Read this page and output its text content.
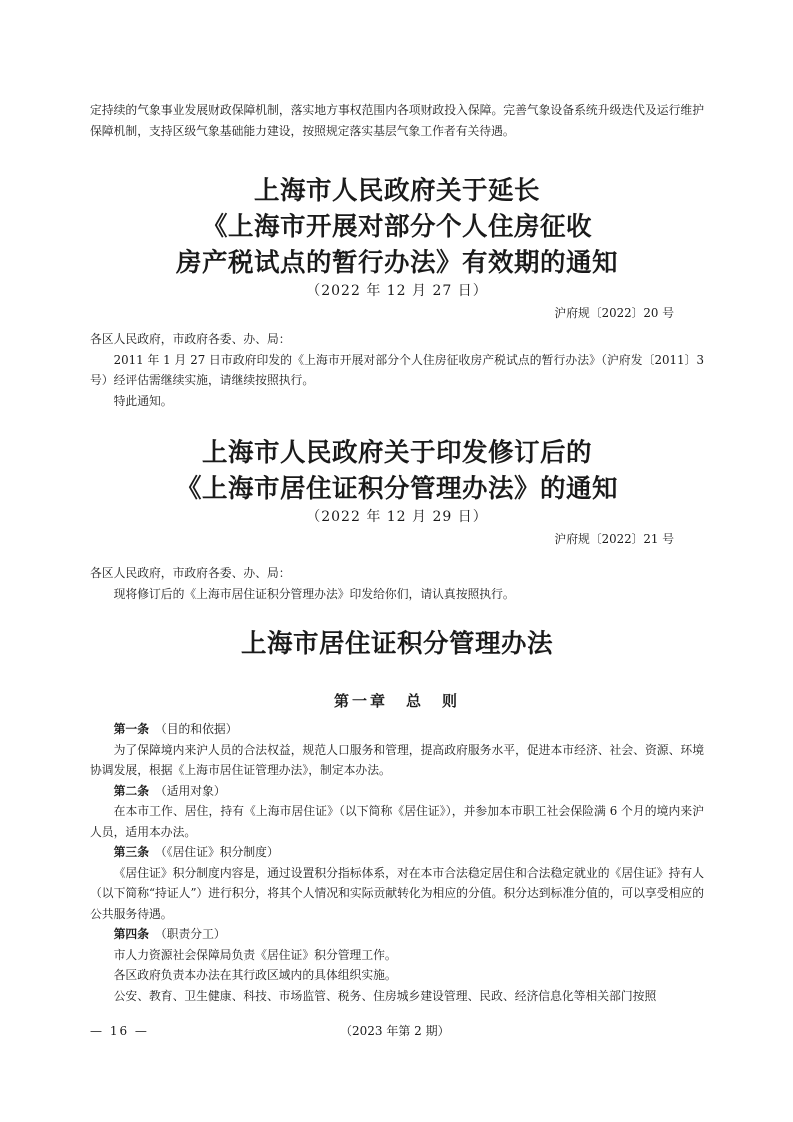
定持续的气象事业发展财政保障机制，落实地方事权范围内各项财政投入保障。完善气象设备系统升级迭代及运行维护保障机制，支持区级气象基础能力建设，按照规定落实基层气象工作者有关待遇。

上海市人民政府关于延长

《上海市开展对部分个人住房征收

房产税试点的暂行办法》有效期的通知

（2022 年 12 月 27 日）

沪府规〔2022〕20 号

各区人民政府，市政府各委、办、局：

2011 年 1 月 27 日市政府印发的《上海市开展对部分个人住房征收房产税试点的暂行办法》（沪府发〔2011〕3 号）经评估需继续实施，请继续按照执行。

特此通知。

上海市人民政府关于印发修订后的

《上海市居住证积分管理办法》的通知

（2022 年 12 月 29 日）

沪府规〔2022〕21 号

各区人民政府，市政府各委、办、局：

现将修订后的《上海市居住证积分管理办法》印发给你们，请认真按照执行。

上海市居住证积分管理办法

第一章　总　则

第一条　 （目的和依据）

为了保障境内来沪人员的合法权益，规范人口服务和管理，提高政府服务水平，促进本市经济、社会、资源、环境协调发展，根据《上海市居住证管理办法》，制定本办法。

第二条　 （适用对象）

在本市工作、居住，持有《上海市居住证》（以下简称《居住证》），并参加本市职工社会保险满 6 个月的境内来沪人员，适用本办法。

第三条　 （《居住证》积分制度）

《居住证》积分制度内容是，通过设置积分指标体系，对在本市合法稳定居住和合法稳定就业的《居住证》持有人（以下简称“持证人”）进行积分，将其个人情况和实际贡献转化为相应的分值。积分达到标准分值的，可以享受相应的公共服务待遇。

第四条　 （职责分工）

市人力资源社会保障局负责《居住证》积分管理工作。

各区政府负责本办法在其行政区域内的具体组织实施。

公安、教育、卫生健康、科技、市场监管、税务、住房城乡建设管理、民政、经济信息化等相关部门按照

— 16 —	（2023 年第 2 期）
